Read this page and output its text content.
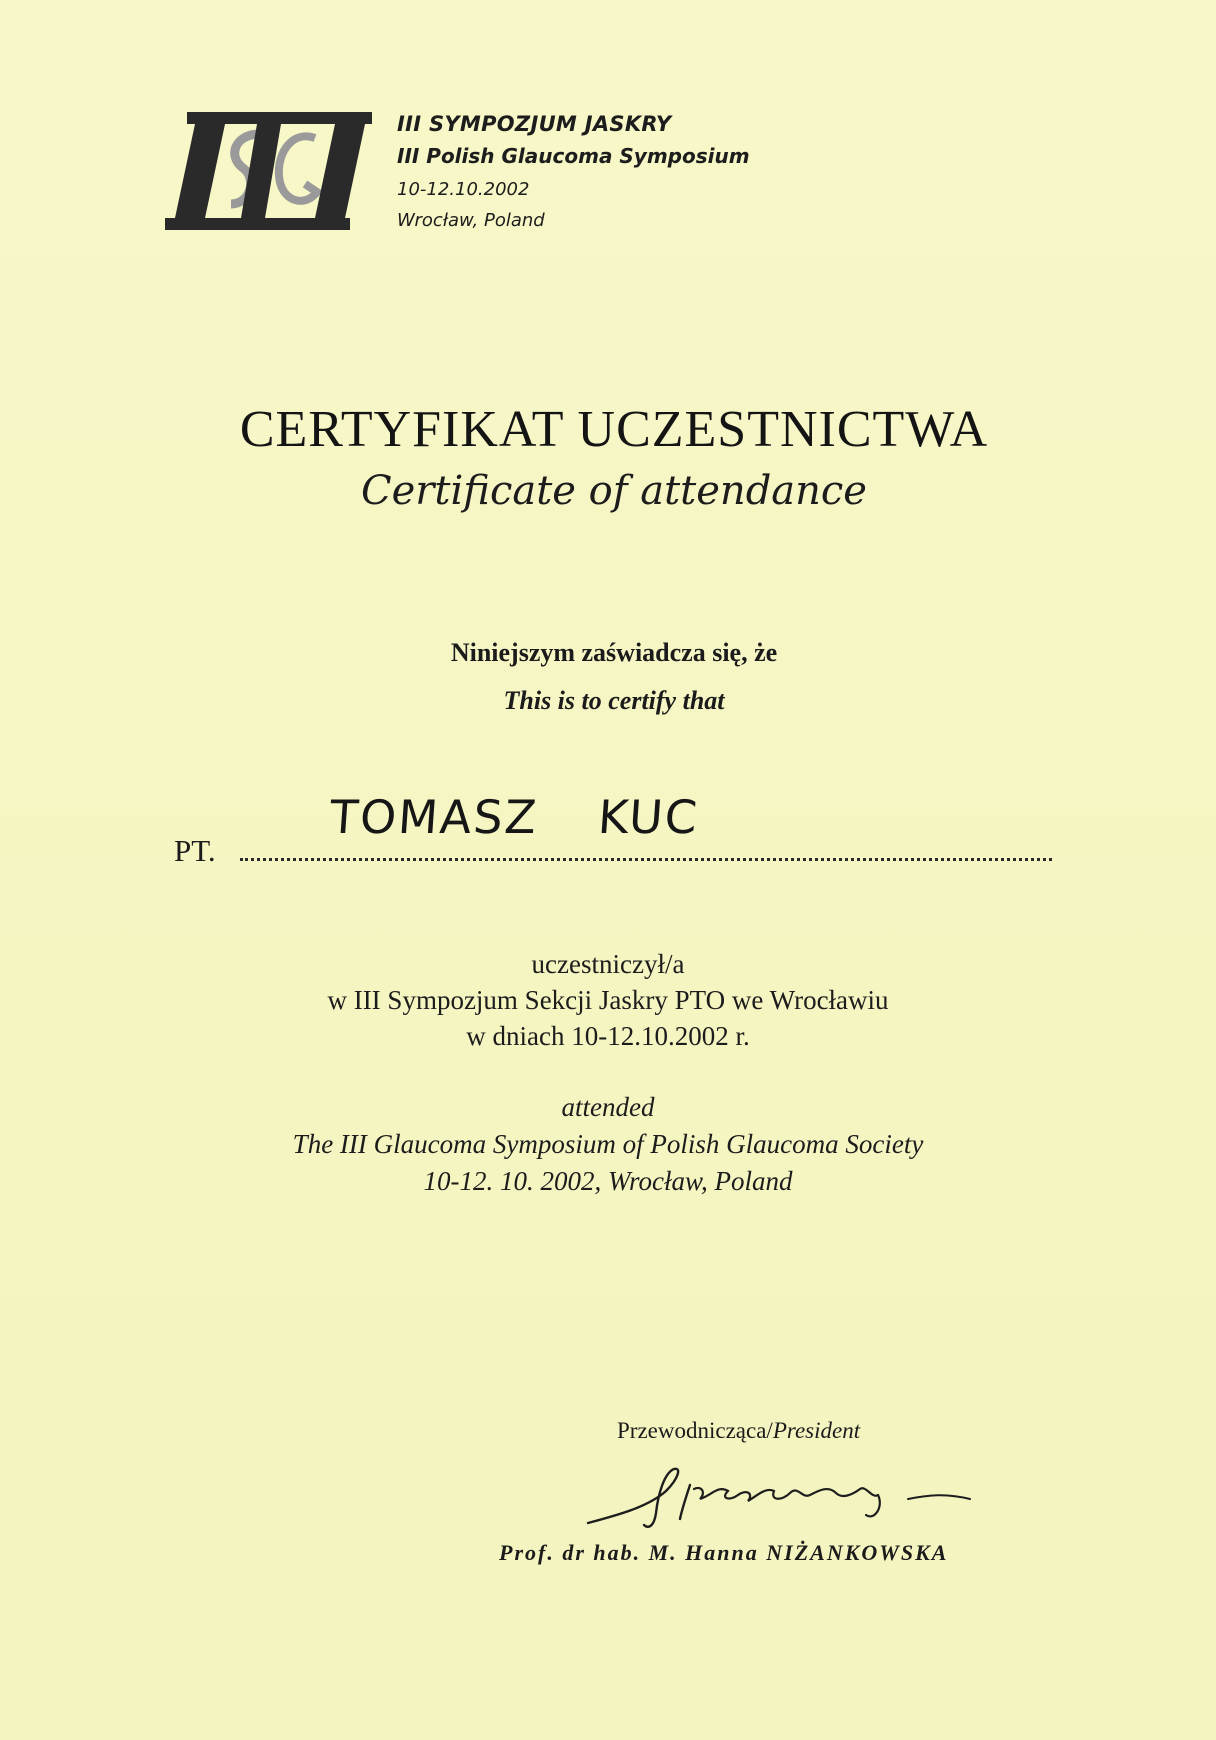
III SYMPOZJUM JASKRY
III Polish Glaucoma Symposium
10-12.10.2002
Wrocław, Poland
CERTYFIKAT UCZESTNICTWA
Certificate of attendance
Niniejszym zaświadcza się, że
This is to certify that
PT.
TOMASZ KUC
uczestniczył/a
w III Sympozjum Sekcji Jaskry PTO we Wrocławiu
w dniach 10-12.10.2002 r.
attended
The III Glaucoma Symposium of Polish Glaucoma Society
10-12. 10. 2002, Wrocław, Poland
Przewodnicząca/President
Prof. dr hab. M. Hanna NIŻANKOWSKA
